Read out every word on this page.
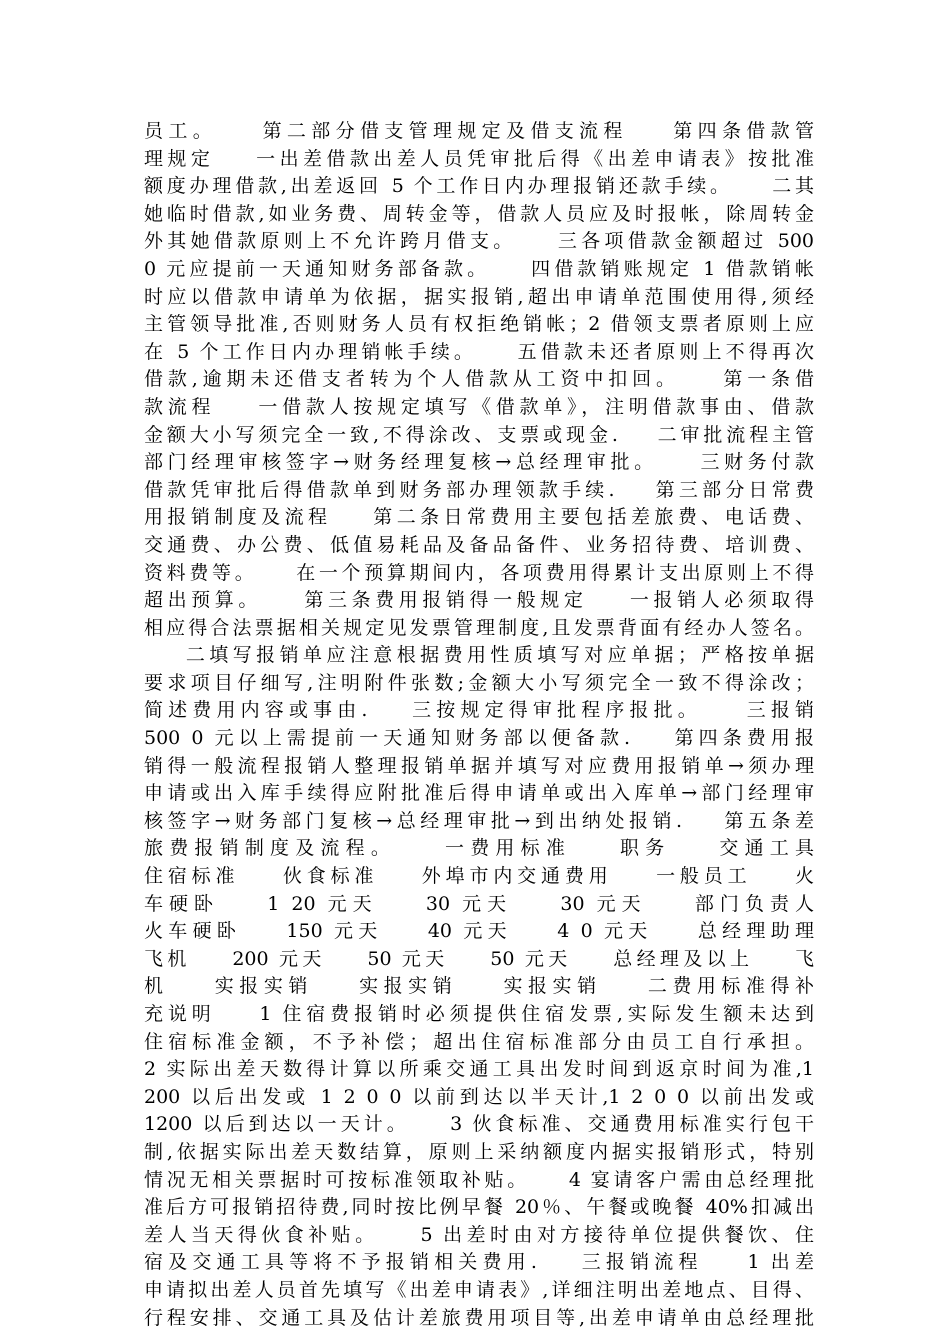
员工。    第二部分借支管理规定及借支流程    第四条借款管
理规定    一出差借款出差人员凭审批后得《出差申请表》按批准
额度办理借款,出差返回 5 个工作日内办理报销还款手续。    二其
她临时借款,如业务费、周转金等，借款人员应及时报帐，除周转金
外其她借款原则上不允许跨月借支。    三各项借款金额超过 500
0 元应提前一天通知财务部备款。    四借款销账规定 1 借款销帐
时应以借款申请单为依据，据实报销,超出申请单范围使用得,须经
主管领导批准,否则财务人员有权拒绝销帐；2 借领支票者原则上应
在 5 个工作日内办理销帐手续。    五借款未还者原则上不得再次
借款,逾期未还借支者转为个人借款从工资中扣回。    第一条借
款流程    一借款人按规定填写《借款单》，注明借款事由、借款
金额大小写须完全一致,不得涂改、支票或现金.    二审批流程主管
部门经理审核签字→财务经理复核→总经理审批。    三财务付款
借款凭审批后得借款单到财务部办理领款手续.    第三部分日常费
用报销制度及流程    第二条日常费用主要包括差旅费、电话费、
交通费、办公费、低值易耗品及备品备件、业务招待费、培训费、
资料费等。    在一个预算期间内，各项费用得累计支出原则上不得
超出预算。    第三条费用报销得一般规定    一报销人必须取得
相应得合法票据相关规定见发票管理制度,且发票背面有经办人签名。
二填写报销单应注意根据费用性质填写对应单据；严格按单据
要求项目仔细写,注明附件张数;金额大小写须完全一致不得涂改；
简述费用内容或事由.    三按规定得审批程序报批。    三报销
500 0 元以上需提前一天通知财务部以便备款.    第四条费用报
销得一般流程报销人整理报销单据并填写对应费用报销单→须办理
申请或出入库手续得应附批准后得申请单或出入库单→部门经理审
核签字→财务部门复核→总经理审批→到出纳处报销.    第五条差
旅费报销制度及流程。    一费用标准    职务    交通工具
住宿标准    伙食标准    外埠市内交通费用    一般员工    火
车硬卧    1 20 元天    30 元天    30 元天    部门负责人
火车硬卧    150 元天    40 元天    4 0 元天    总经理助理
飞机    200 元天    50 元天    50 元天    总经理及以上    飞
机    实报实销    实报实销    实报实销    二费用标准得补
充说明    1 住宿费报销时必须提供住宿发票,实际发生额未达到
住宿标准金额，不予补偿；超出住宿标准部分由员工自行承担。
2 实际出差天数得计算以所乘交通工具出发时间到返京时间为准,1
200 以后出发或 1 2 0 0 以前到达以半天计,1 2 0 0 以前出发或
1200 以后到达以一天计。    3 伙食标准、交通费用标准实行包干
制,依据实际出差天数结算，原则上采纳额度内据实报销形式，特别
情况无相关票据时可按标准领取补贴。    4 宴请客户需由总经理批
准后方可报销招待费,同时按比例早餐 20％、午餐或晚餐 40%扣减出
差人当天得伙食补贴。    5 出差时由对方接待单位提供餐饮、住
宿及交通工具等将不予报销相关费用.    三报销流程    1 出差
申请拟出差人员首先填写《出差申请表》,详细注明出差地点、目得、
行程安排、交通工具及估计差旅费用项目等,出差申请单由总经理批
